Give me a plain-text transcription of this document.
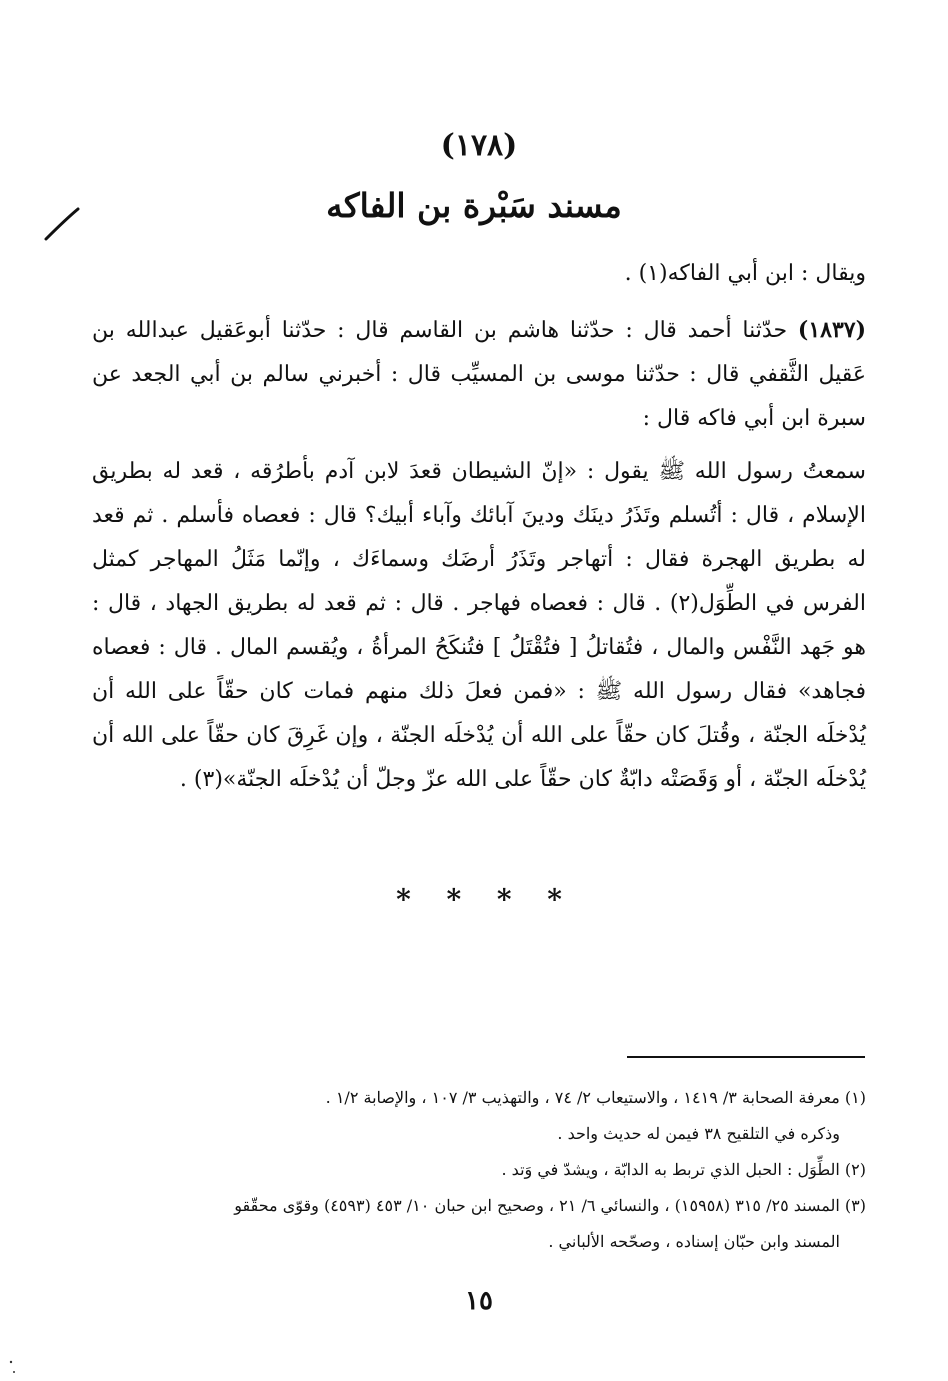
(١٧٨)
مسند سَبْرة بن الفاكه
ويقال : ابن أبي الفاكه(١) .
(١٨٣٧) حدّثنا أحمد قال : حدّثنا هاشم بن القاسم قال : حدّثنا أبوعَقيل عبدالله بن عَقيل الثَّقفي قال : حدّثنا موسى بن المسيِّب قال : أخبرني سالم بن أبي الجعد عن سبرة ابن أبي فاكه قال :
سمعتُ رسول الله ﷺ يقول : «إنّ الشيطان قعدَ لابن آدم بأطرُقه ، قعد له بطريق الإسلام ، قال : أتُسلم وتَذَرُ دينَك ودينَ آبائك وآباء أبيك؟ قال : فعصاه فأسلم . ثم قعد له بطريق الهجرة فقال : أتهاجر وتَذَرُ أرضَك وسماءَك ، وإنّما مَثَلُ المهاجر كمثل الفرس في الطِّوَل(٢) . قال : فعصاه فهاجر . قال : ثم قعد له بطريق الجهاد ، قال : هو جَهد النَّفْس والمال ، فتُقاتلُ [ فتُقْتَلُ ] فتُنكَحُ المرأةُ ، ويُقسم المال . قال : فعصاه فجاهد» فقال رسول الله ﷺ : «فمن فعلَ ذلك منهم فمات كان حقّاً على الله أن يُدْخلَه الجنّة ، وقُتلَ كان حقّاً على الله أن يُدْخلَه الجنّة ، وإن غَرِقَ كان حقّاً على الله أن يُدْخلَه الجنّة ، أو وَقَصَتْه دابّةٌ كان حقّاً على الله عزّ وجلّ أن يُدْخلَه الجنّة»(٣) .
* * * *
(١) معرفة الصحابة ٣/ ١٤١٩ ، والاستيعاب ٢/ ٧٤ ، والتهذيب ٣/ ١٠٧ ، والإصابة ١/٢ .
وذكره في التلقيح ٣٨ فيمن له حديث واحد .
(٢) الطِّوَل : الحبل الذي تربط به الدابّة ، ويشدّ في وَتد .
(٣) المسند ٢٥/ ٣١٥ (١٥٩٥٨) ، والنسائي ٦/ ٢١ ، وصحيح ابن حبان ١٠/ ٤٥٣ (٤٥٩٣) وقوّى محقّقو
المسند وابن حبّان إسناده ، وصحّحه الألباني .
١٥
